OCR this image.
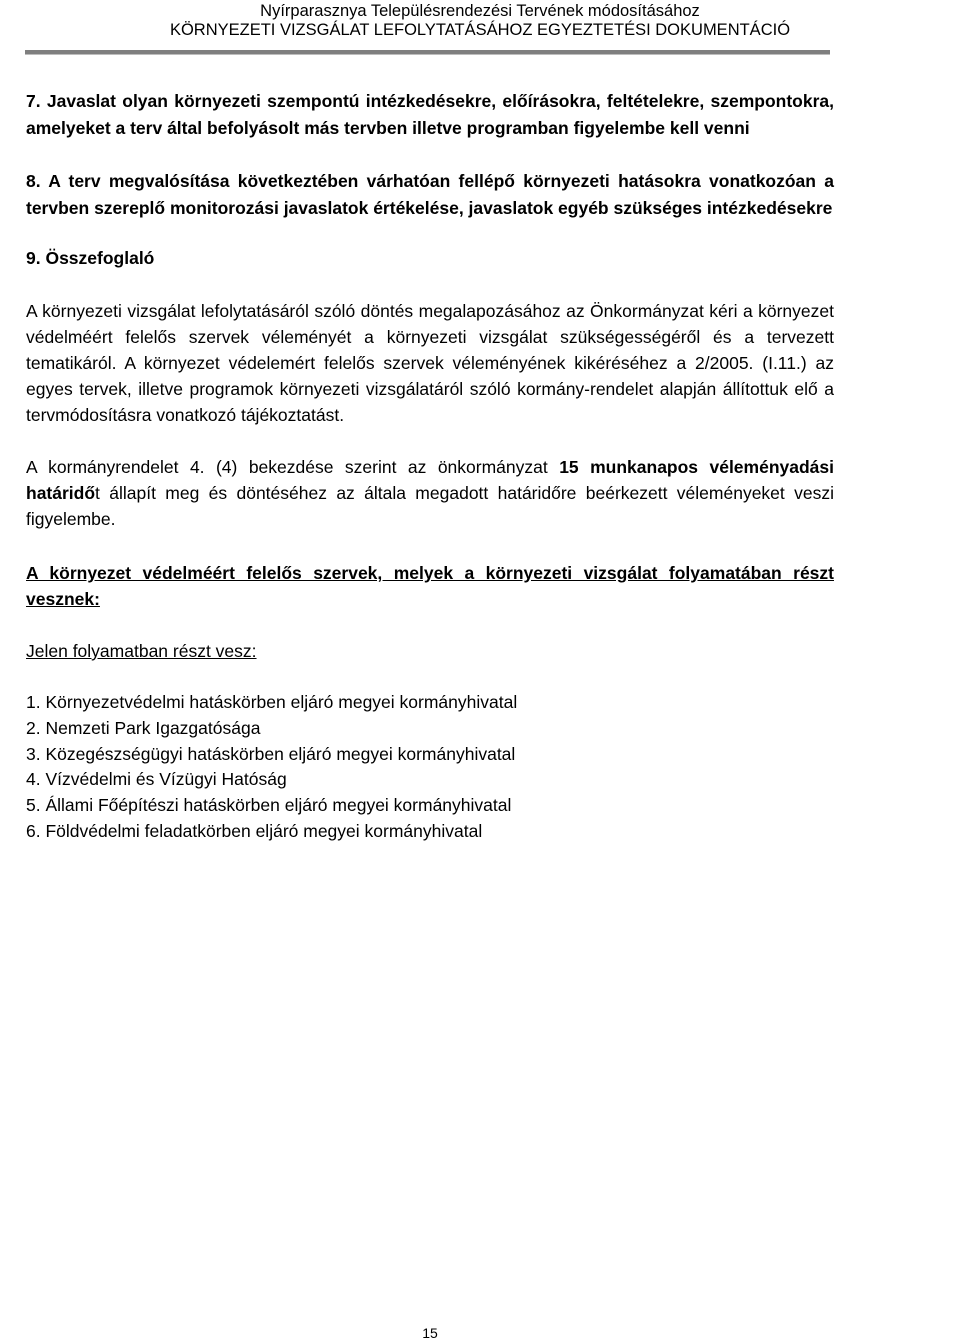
Nyírparasznya Településrendezési Tervének módosításához
KÖRNYEZETI VIZSGÁLAT LEFOLYTATÁSÁHOZ EGYEZTETÉSI DOKUMENTÁCIÓ

7. Javaslat olyan környezeti szempontú intézkedésekre, előírásokra, feltételekre, szempontokra, amelyeket a terv által befolyásolt más tervben illetve programban figyelembe kell venni

8. A terv megvalósítása következtében várhatóan fellépő környezeti hatásokra vonatkozóan a tervben szereplő monitorozási javaslatok értékelése, javaslatok egyéb szükséges intézkedésekre

9. Összefoglaló

A környezeti vizsgálat lefolytatásáról szóló döntés megalapozásához az Önkormányzat kéri a környezet védelméért felelős szervek véleményét a környezeti vizsgálat szükségességéről és a tervezett tematikáról. A környezet védelemért felelős szervek véleményének kikéréséhez a 2/2005. (I.11.) az egyes tervek, illetve programok környezeti vizsgálatáról szóló kormány-rendelet alapján állítottuk elő a tervmódosításra vonatkozó tájékoztatást.

A kormányrendelet 4. (4) bekezdése szerint az önkormányzat 15 munkanapos véleményadási határidőt állapít meg és döntéséhez az általa megadott határidőre beérkezett véleményeket veszi figyelembe.

A környezet védelméért felelős szervek, melyek a környezeti vizsgálat folyamatában részt vesznek:

Jelen folyamatban részt vesz:

1. Környezetvédelmi hatáskörben eljáró megyei kormányhivatal
2. Nemzeti Park Igazgatósága
3. Közegészségügyi hatáskörben eljáró megyei kormányhivatal
4. Vízvédelmi és Vízügyi Hatóság
5. Állami Főépítészi hatáskörben eljáró megyei kormányhivatal
6. Földvédelmi feladatkörben eljáró megyei kormányhivatal
15
